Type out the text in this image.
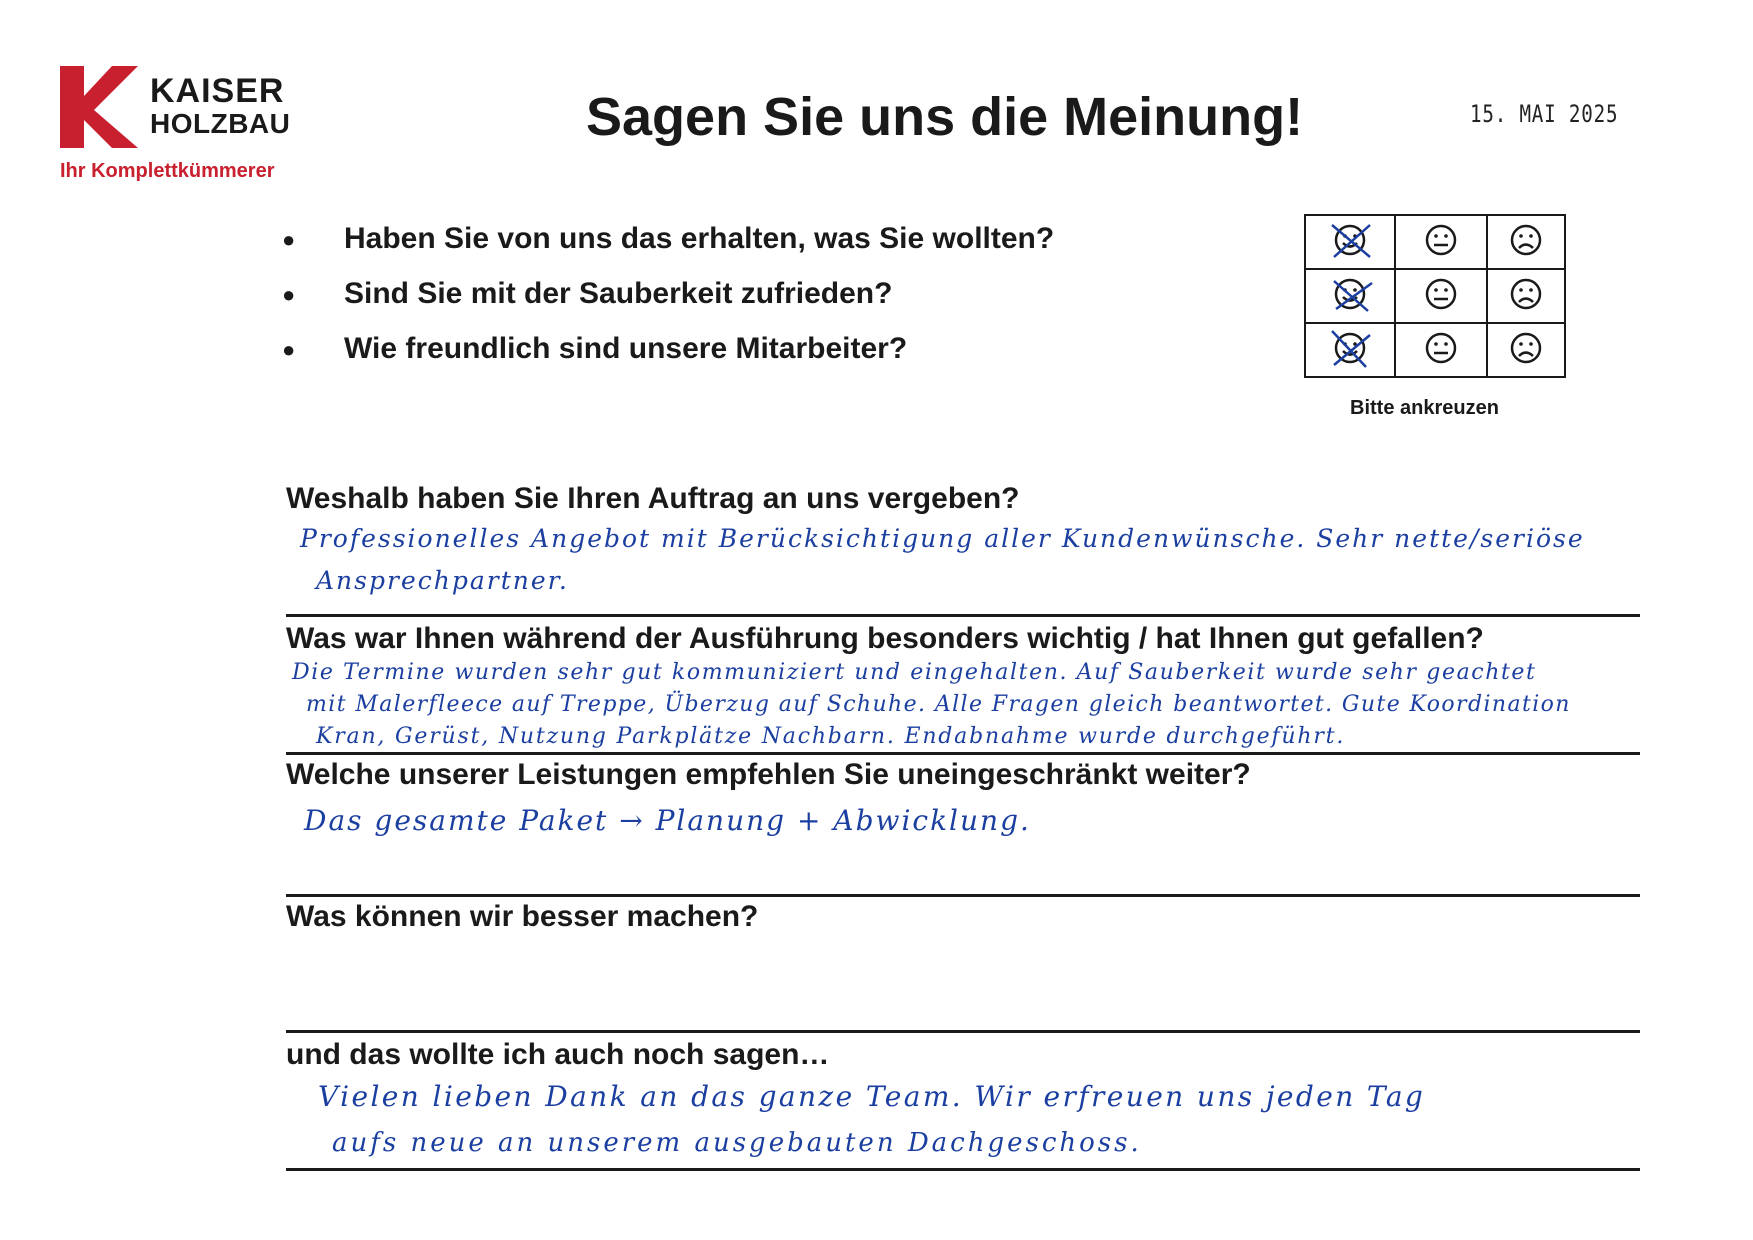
KAISER
HOLZBAU
Ihr Komplettkümmerer
Sagen Sie uns die Meinung!	15. MAI 2025
● Haben Sie von uns das erhalten, was Sie wollten?
● Sind Sie mit der Sauberkeit zufrieden?
● Wie freundlich sind unsere Mitarbeiter?

Bitte ankreuzen
Weshalb haben Sie Ihren Auftrag an uns vergeben?
Professionelles Angebot mit Berücksichtigung aller Kundenwünsche. Sehr nette/seriöse
Ansprechpartner.
Was war Ihnen während der Ausführung besonders wichtig / hat Ihnen gut gefallen?
Die Termine wurden sehr gut kommuniziert und eingehalten. Auf Sauberkeit wurde sehr geachtet
mit Malerfleece auf Treppe, Überzug auf Schuhe. Alle Fragen gleich beantwortet. Gute Koordination
Kran, Gerüst, Nutzung Parkplätze Nachbarn. Endabnahme wurde durchgeführt.
Welche unserer Leistungen empfehlen Sie uneingeschränkt weiter?
Das gesamte Paket → Planung + Abwicklung.
Was können wir besser machen?
und das wollte ich auch noch sagen…
Vielen lieben Dank an das ganze Team. Wir erfreuen uns jeden Tag
aufs neue an unserem ausgebauten Dachgeschoss.
